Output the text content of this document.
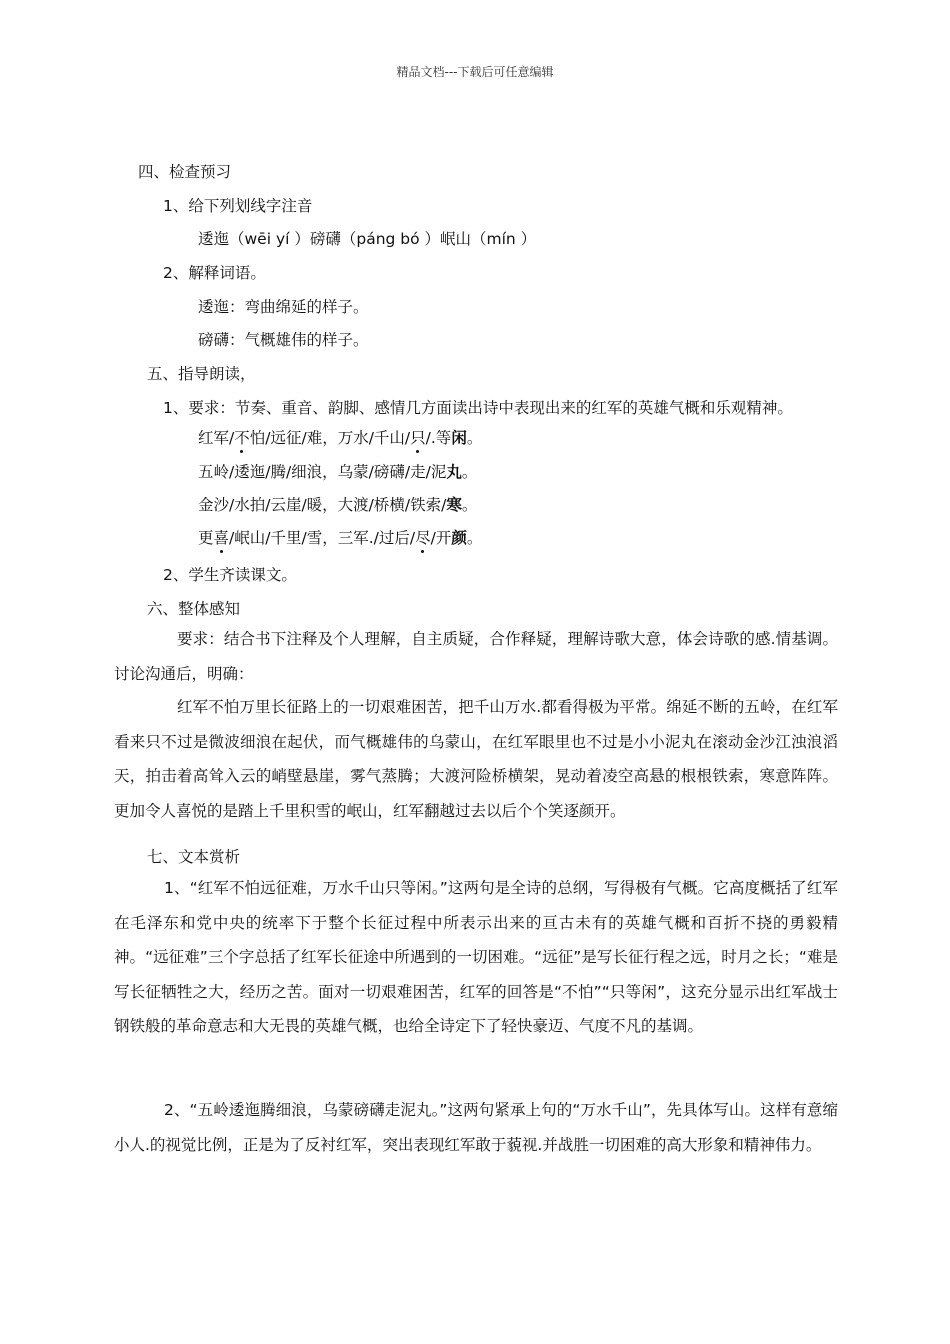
精品文档---下载后可任意编辑
四、检查预习
1、给下列划线字注音
逶迤（wēi yí ）磅礴（páng bó ）岷山（mín ）
2、解释词语。
逶迤：弯曲绵延的样子。
磅礴：气概雄伟的样子。
五、指导朗读，
1、要求：节奏、重音、韵脚、感情几方面读出诗中表现出来的红军的英雄气概和乐观精神。
红军/不怕/远征/难，万水/千山/只/.等闲。
五岭/逶迤/腾/细浪，乌蒙/磅礴/走/泥丸。
金沙/水拍/云崖/暖，大渡/桥横/铁索/寒。
更喜/岷山/千里/雪，三军./过后/尽/开颜。
2、学生齐读课文。
六、整体感知
要求：结合书下注释及个人理解，自主质疑，合作释疑，理解诗歌大意，体会诗歌的感.情基调。讨论沟通后，明确：
红军不怕万里长征路上的一切艰难困苦，把千山万水.都看得极为平常。绵延不断的五岭，在红军看来只不过是微波细浪在起伏，而气概雄伟的乌蒙山，在红军眼里也不过是小小泥丸在滚动金沙江浊浪滔天，拍击着高耸入云的峭壁悬崖，雾气蒸腾；大渡河险桥横架，晃动着凌空高悬的根根铁索，寒意阵阵。更加令人喜悦的是踏上千里积雪的岷山，红军翻越过去以后个个笑逐颜开。
七、文本赏析
1、“红军不怕远征难，万水千山只等闲。”这两句是全诗的总纲，写得极有气概。它高度概括了红军在毛泽东和党中央的统率下于整个长征过程中所表示出来的亘古未有的英雄气概和百折不挠的勇毅精神。“远征难”三个字总括了红军长征途中所遇到的一切困难。“远征”是写长征行程之远，时月之长；“难是写长征牺牲之大，经历之苦。面对一切艰难困苦，红军的回答是“不怕”“只等闲”，这充分显示出红军战士钢铁般的革命意志和大无畏的英雄气概，也给全诗定下了轻快豪迈、气度不凡的基调。
2、“五岭逶迤腾细浪，乌蒙磅礴走泥丸。”这两句紧承上句的“万水千山”，先具体写山。这样有意缩小人.的视觉比例，正是为了反衬红军，突出表现红军敢于藐视.并战胜一切困难的高大形象和精神伟力。
